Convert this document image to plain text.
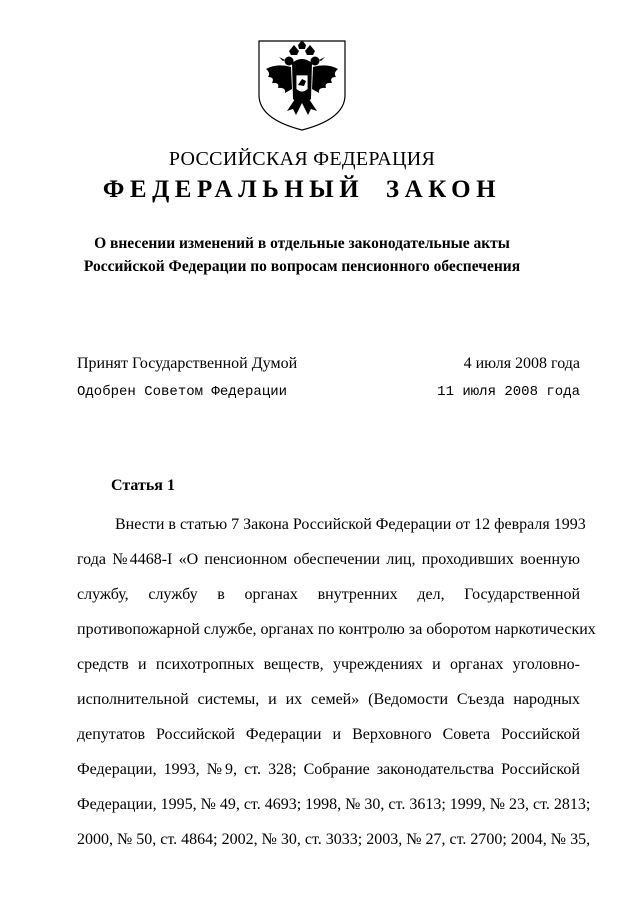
РОССИЙСКАЯ ФЕДЕРАЦИЯ
ФЕДЕРАЛЬНЫЙ ЗАКОН
О внесении изменений в отдельные законодательные акты
Российской Федерации по вопросам пенсионного обеспечения
Принят Государственной Думой	4 июля 2008 года
Одобрен Советом Федерации	11 июля 2008 года
Статья 1
Внести в статью 7 Закона Российской Федерации от 12 февраля 1993
года №4468-I «О пенсионном обеспечении лиц, проходивших военную
службу, службу в органах внутренних дел, Государственной
противопожарной службе, органах по контролю за оборотом наркотических
средств и психотропных веществ, учреждениях и органах уголовно-
исполнительной системы, и их семей» (Ведомости Съезда народных
депутатов Российской Федерации и Верховного Совета Российской
Федерации, 1993, №9, ст. 328; Собрание законодательства Российской
Федерации, 1995, № 49, ст. 4693; 1998, № 30, ст. 3613; 1999, № 23, ст. 2813;
2000, № 50, ст. 4864; 2002, № 30, ст. 3033; 2003, № 27, ст. 2700; 2004, № 35,
